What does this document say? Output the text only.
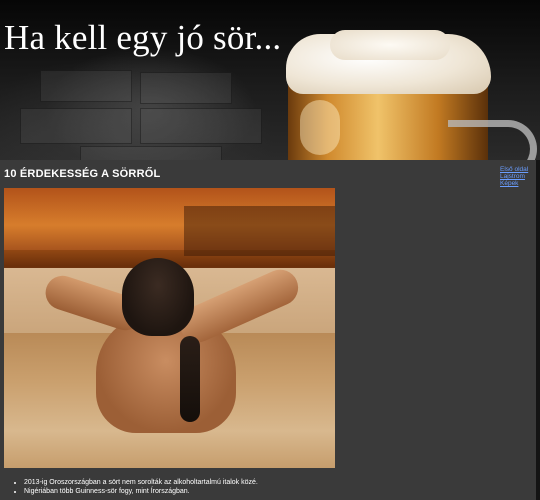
Ha kell egy jó sör...
10 ÉRDEKESSÉG A SÖRRŐL
• 2013-ig Oroszországban a sört nem sorolták az alkoholtartalmú italok közé.
• Nigériában több Guinness-sör fogy, mint Írországban.
Első oldal
Lajstrom
Képek
